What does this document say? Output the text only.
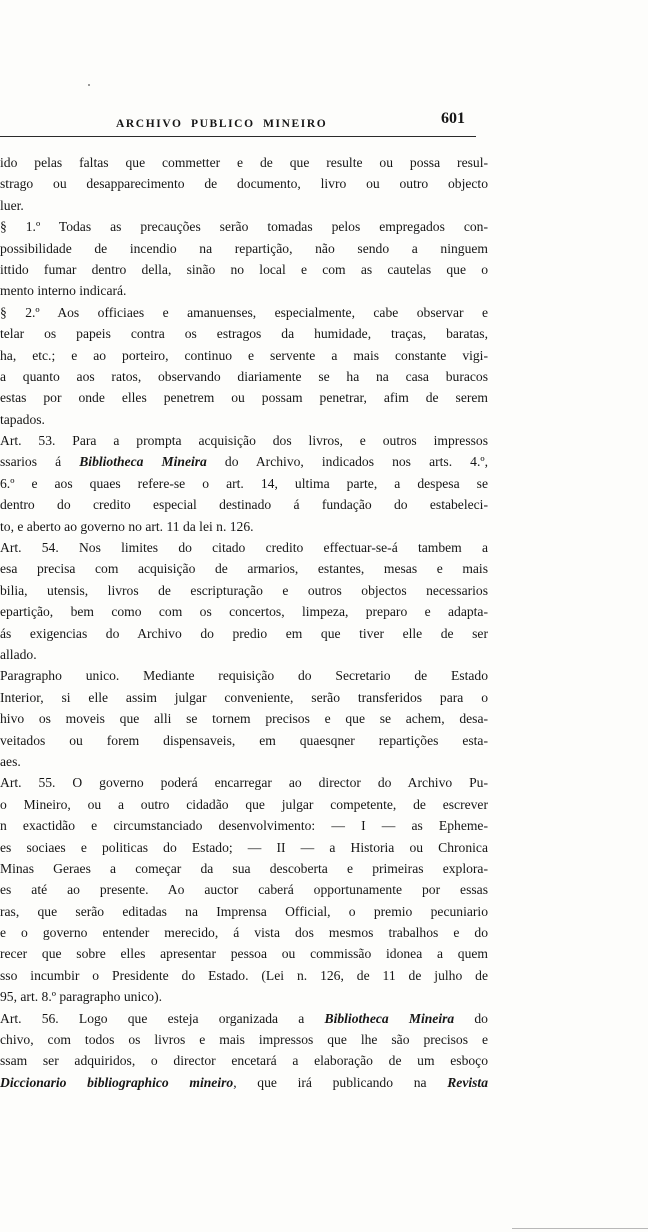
ARCHIVO PUBLICO MINEIRO	601
ido pelas faltas que commetter e de que resulte ou possa resul-
strago ou desapparecimento de documento, livro ou outro objecto
luer.
§ 1.º Todas as precauções serão tomadas pelos empregados con-
possibilidade de incendio na repartição, não sendo a ninguem
ittido fumar dentro della, sinão no local e com as cautelas que o
mento interno indicará.
§ 2.º Aos officiaes e amanuenses, especialmente, cabe observar e
telar os papeis contra os estragos da humidade, traças, baratas,
ha, etc.; e ao porteiro, continuo e servente a mais constante vigi-
a quanto aos ratos, observando diariamente se ha na casa buracos
estas por onde elles penetrem ou possam penetrar, afim de serem
tapados.
Art. 53. Para a prompta acquisição dos livros, e outros impressos
ssarios á Bibliotheca Mineira do Archivo, indicados nos arts. 4.º,
6.º e aos quaes refere-se o art. 14, ultima parte, a despesa se
dentro do credito especial destinado á fundação do estabeleci-
to, e aberto ao governo no art. 11 da lei n. 126.
Art. 54. Nos limites do citado credito effectuar-se-á tambem a
esa precisa com acquisição de armarios, estantes, mesas e mais
bilia, utensis, livros de escripturação e outros objectos necessarios
epartição, bem como com os concertos, limpeza, preparo e adapta-
ás exigencias do Archivo do predio em que tiver elle de ser
allado.
Paragrapho unico. Mediante requisição do Secretario de Estado
Interior, si elle assim julgar conveniente, serão transferidos para o
hivo os moveis que alli se tornem precisos e que se achem, desa-
veitados ou forem dispensaveis, em quaesqner repartições esta-
aes.
Art. 55. O governo poderá encarregar ao director do Archivo Pu-
o Mineiro, ou a outro cidadão que julgar competente, de escrever
n exactidão e circumstanciado desenvolvimento: — I — as Epheme-
es sociaes e politicas do Estado; — II — a Historia ou Chronica
Minas Geraes a começar da sua descoberta e primeiras explora-
es até ao presente. Ao auctor caberá opportunamente por essas
ras, que serão editadas na Imprensa Official, o premio pecuniario
e o governo entender merecido, á vista dos mesmos trabalhos e do
recer que sobre elles apresentar pessoa ou commissão idonea a quem
sso incumbir o Presidente do Estado. (Lei n. 126, de 11 de julho de
95, art. 8.º paragrapho unico).
Art. 56. Logo que esteja organizada a Bibliotheca Mineira do
chivo, com todos os livros e mais impressos que lhe são precisos e
ssam ser adquiridos, o director encetará a elaboração de um esboço
Diccionario bibliographico mineiro, que irá publicando na Revista
